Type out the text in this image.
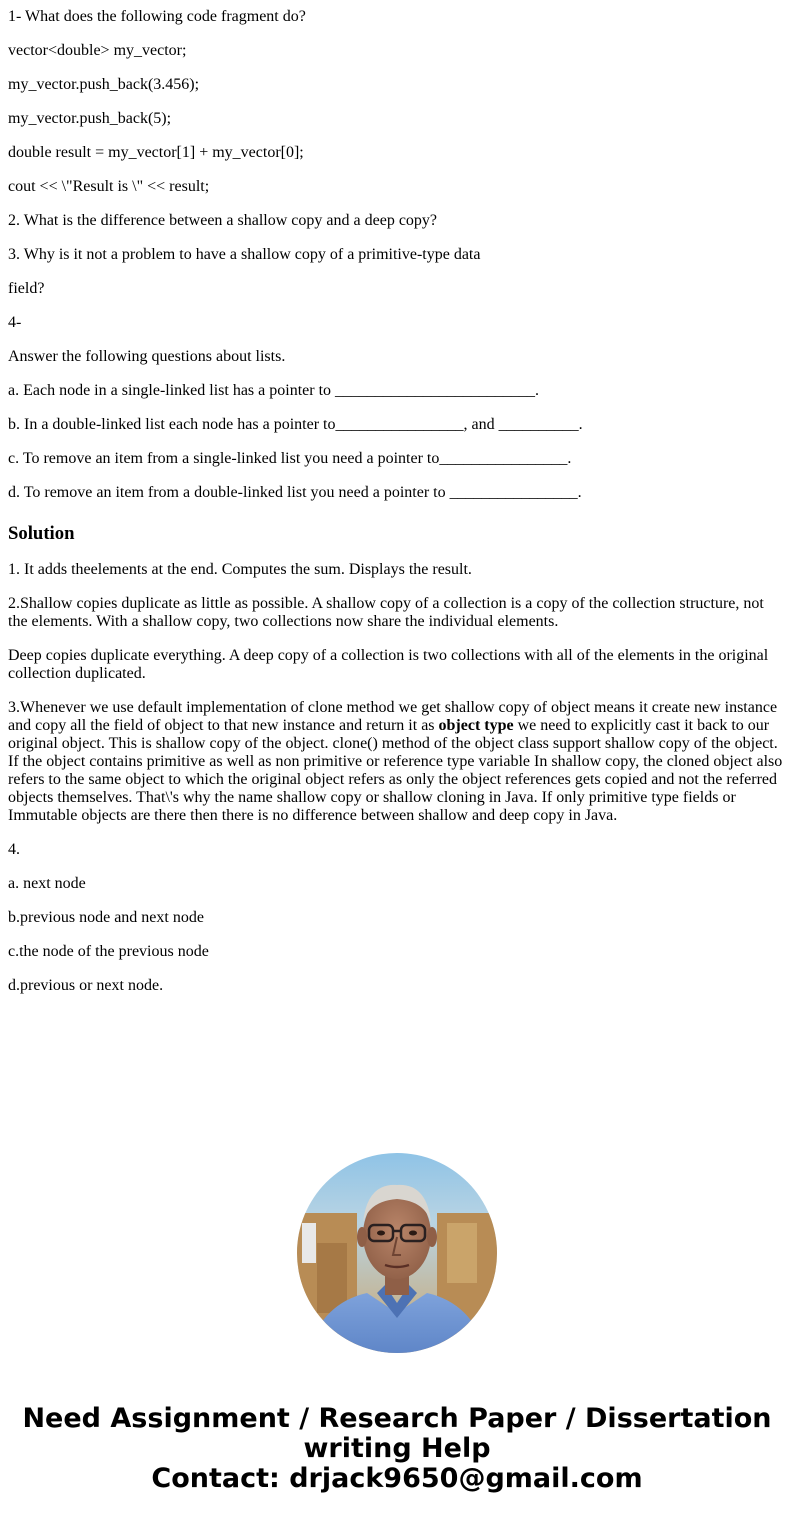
1- What does the following code fragment do?

vector<double> my_vector;

my_vector.push_back(3.456);

my_vector.push_back(5);

double result = my_vector[1] + my_vector[0];

cout << \"Result is \" << result;

2. What is the difference between a shallow copy and a deep copy?

3. Why is it not a problem to have a shallow copy of a primitive-type data

field?

4-

Answer the following questions about lists.

a. Each node in a single-linked list has a pointer to _________________________.

b. In a double-linked list each node has a pointer to________________, and __________.

c. To remove an item from a single-linked list you need a pointer to________________.

d. To remove an item from a double-linked list you need a pointer to ________________.

Solution

1. It adds theelements at the end. Computes the sum. Displays the result.

2.Shallow copies duplicate as little as possible. A shallow copy of a collection is a copy of the collection structure, not the elements. With a shallow copy, two collections now share the individual elements.

Deep copies duplicate everything. A deep copy of a collection is two collections with all of the elements in the original collection duplicated.

3.Whenever we use default implementation of clone method we get shallow copy of object means it create new instance and copy all the field of object to that new instance and return it as object type we need to explicitly cast it back to our original object. This is shallow copy of the object. clone() method of the object class support shallow copy of the object. If the object contains primitive as well as non primitive or reference type variable In shallow copy, the cloned object also refers to the same object to which the original object refers as only the object references gets copied and not the referred objects themselves. That\'s why the name shallow copy or shallow cloning in Java. If only primitive type fields or Immutable objects are there then there is no difference between shallow and deep copy in Java.

4.

a. next node

b.previous node and next node

c.the node of the previous node

d.previous or next node.

Need Assignment / Research Paper / Dissertation
writing Help
Contact: drjack9650@gmail.com
